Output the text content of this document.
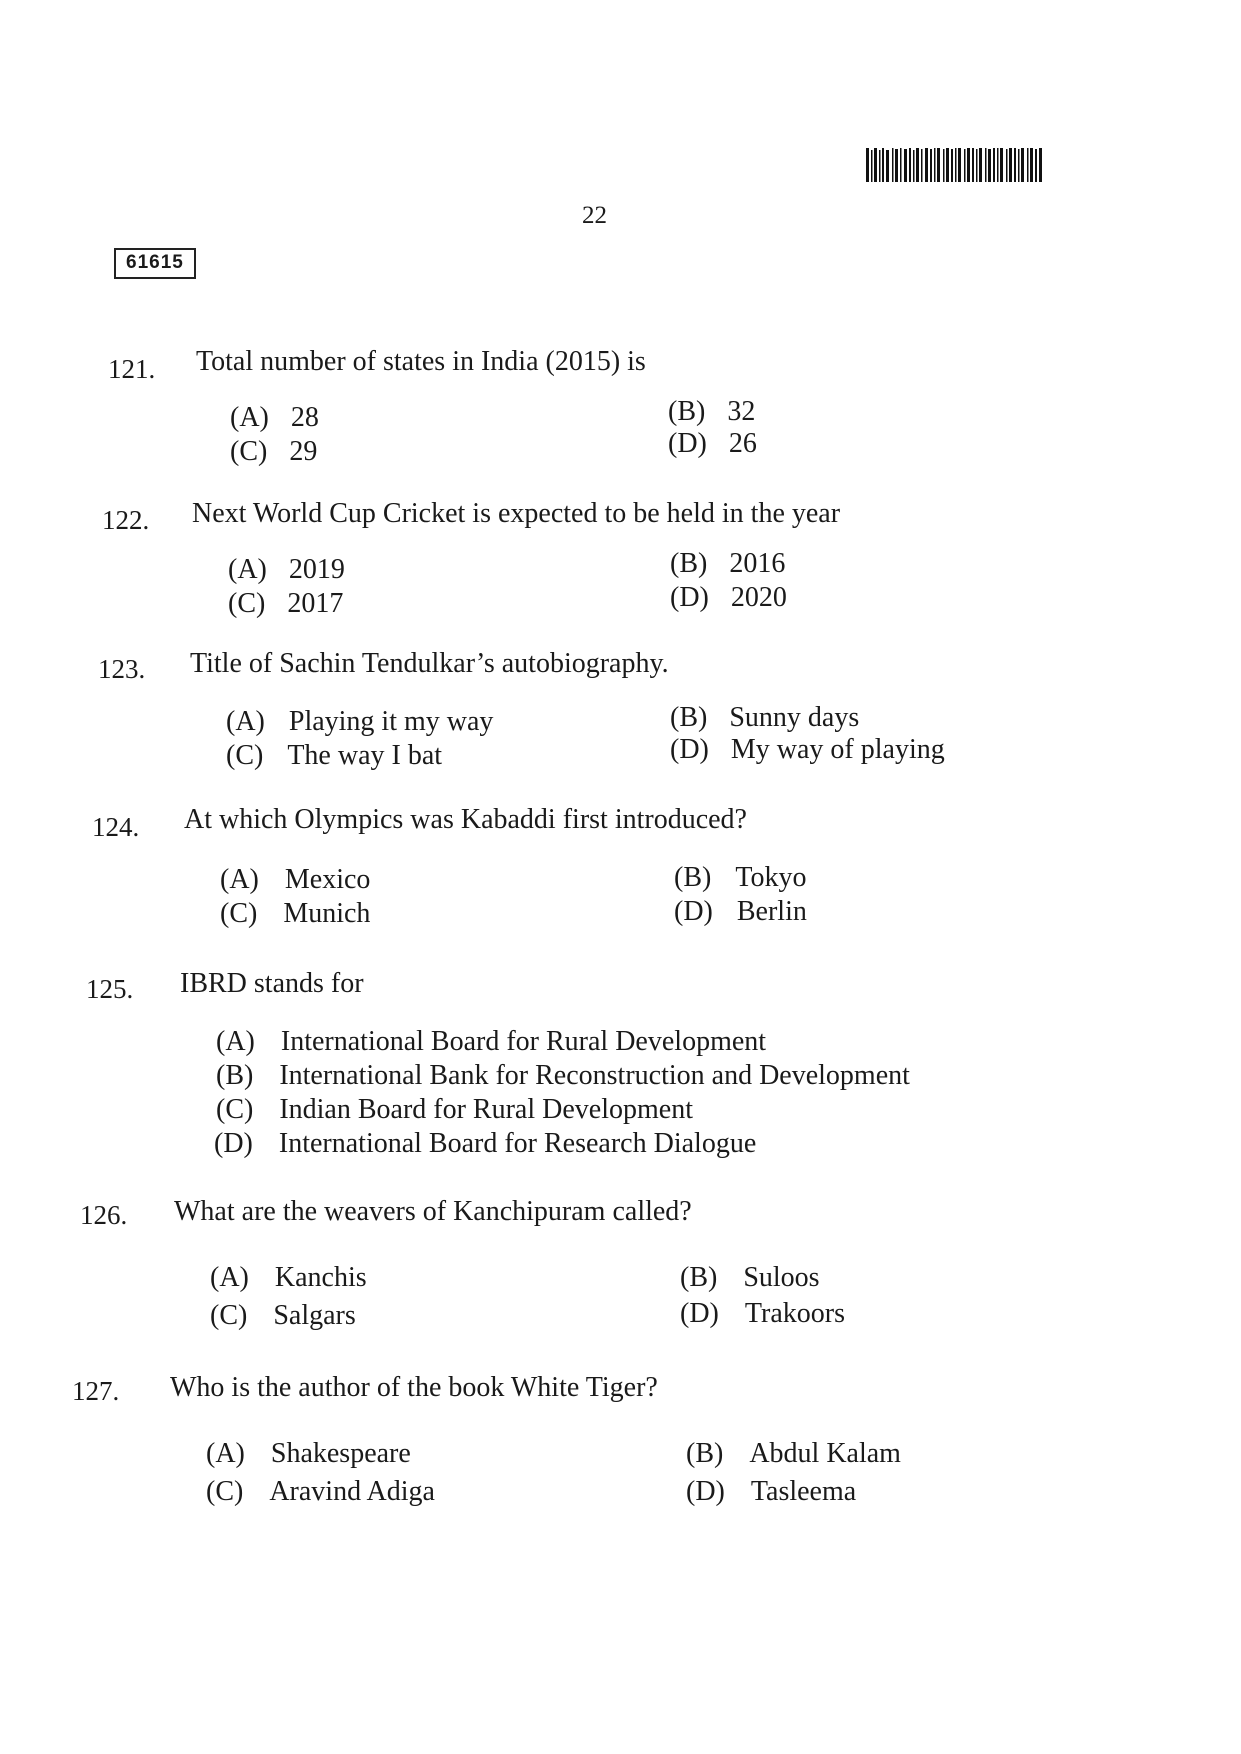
22
61615
121. Total number of states in India (2015) is
(A) 28	(B) 32
(C) 29	(D) 26
122. Next World Cup Cricket is expected to be held in the year
(A) 2019	(B) 2016
(C) 2017	(D) 2020
123. Title of Sachin Tendulkar’s autobiography.
(A) Playing it my way	(B) Sunny days
(C) The way I bat	(D) My way of playing
124. At which Olympics was Kabaddi first introduced?
(A) Mexico	(B) Tokyo
(C) Munich	(D) Berlin
125. IBRD stands for
(A) International Board for Rural Development
(B) International Bank for Reconstruction and Development
(C) Indian Board for Rural Development
(D) International Board for Research Dialogue
126. What are the weavers of Kanchipuram called?
(A) Kanchis	(B) Suloos
(C) Salgars	(D) Trakoors
127. Who is the author of the book White Tiger?
(A) Shakespeare	(B) Abdul Kalam
(C) Aravind Adiga	(D) Tasleema
